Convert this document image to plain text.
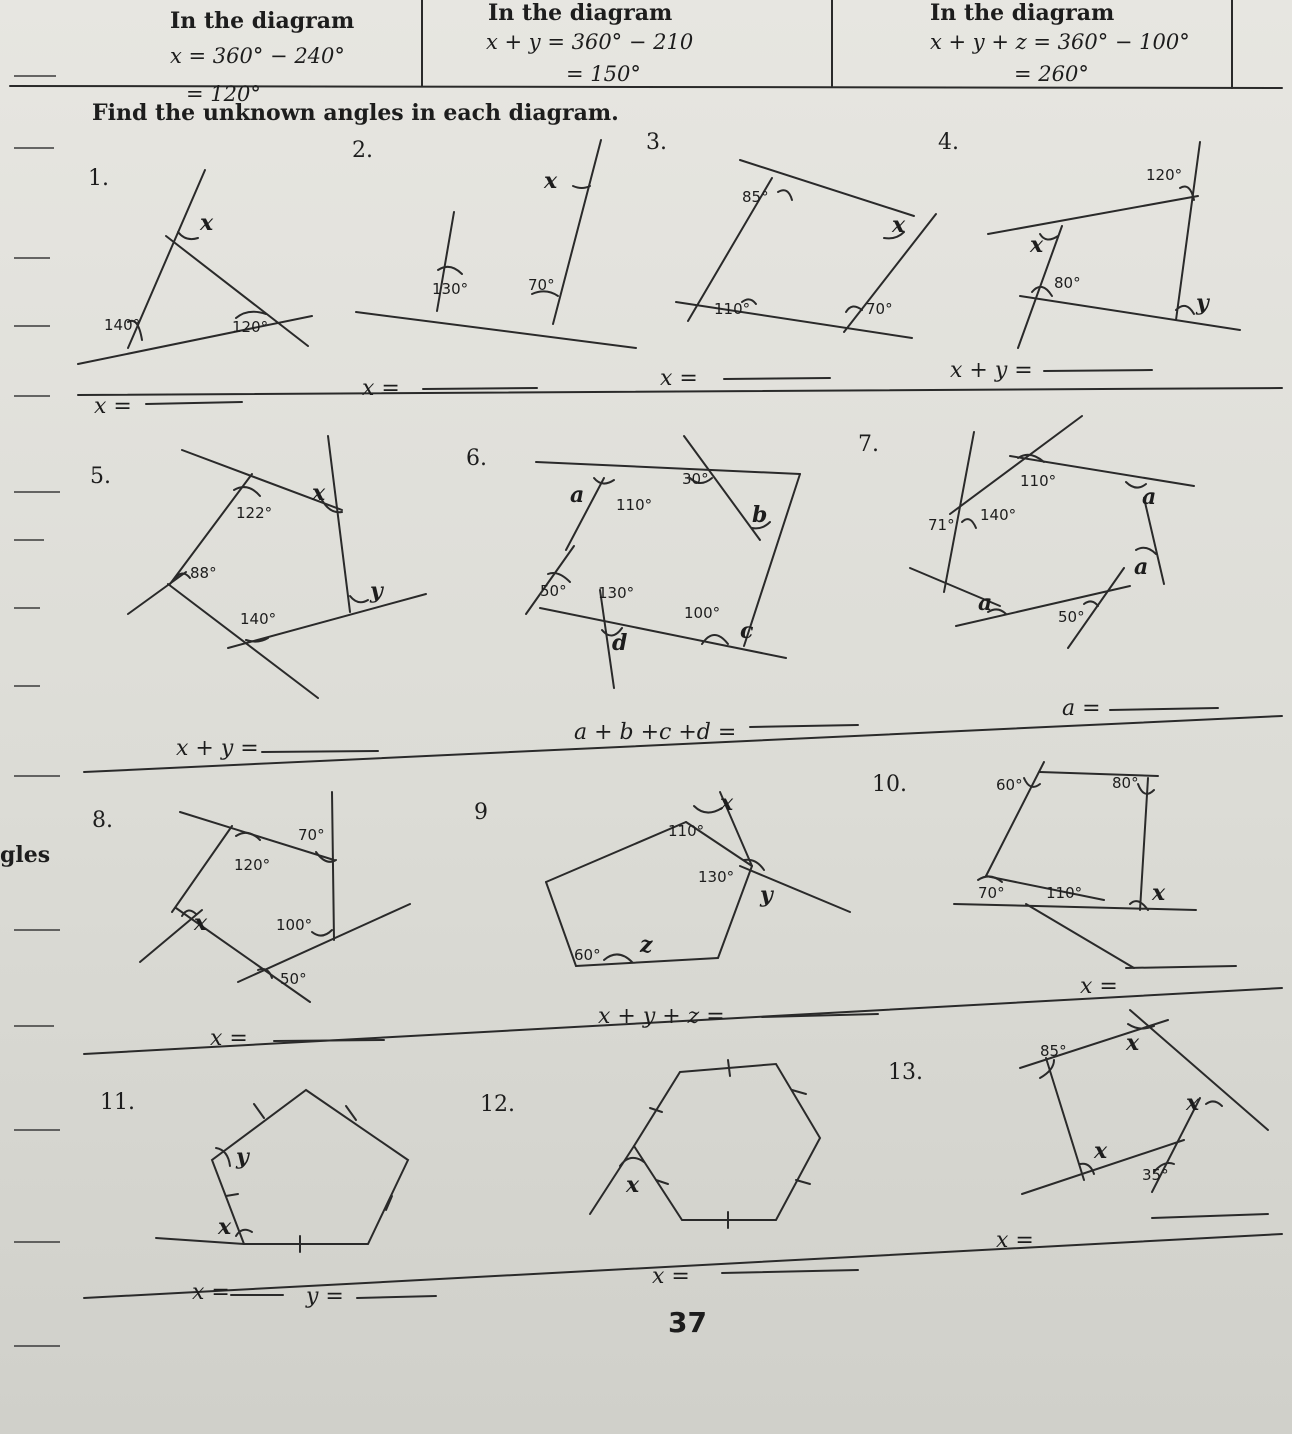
In the diagram
x = 360° − 240°
= 120°
In the diagram
x + y = 360° − 210
= 150°
In the diagram
x + y + z = 360° − 100°
= 260°
Find the unknown angles in each diagram.
1.
2.	3.	4.
5.
6.
7.
8.	9
10.
11.	12.
13.
x =
x =	x =	x + y =
x + y =
a + b +c +d =
a =
x =
x + y + z =
x =
x =	y =
x =
x =
x
140°	120°
x
130°	70°
85°
x
110°	70°
120°
x
80°
y
122°
x
88°
y
140°
30°
a 110°	b
50° 130°
100°
c
d
110°
a
71°
140°
a
a
50°
70°
120°
x	100°
50°
x
110°
130°
y
60° z
60°	80°
70°	110°	x
y
x
x
85°	x
x
x
35°
gles
37
